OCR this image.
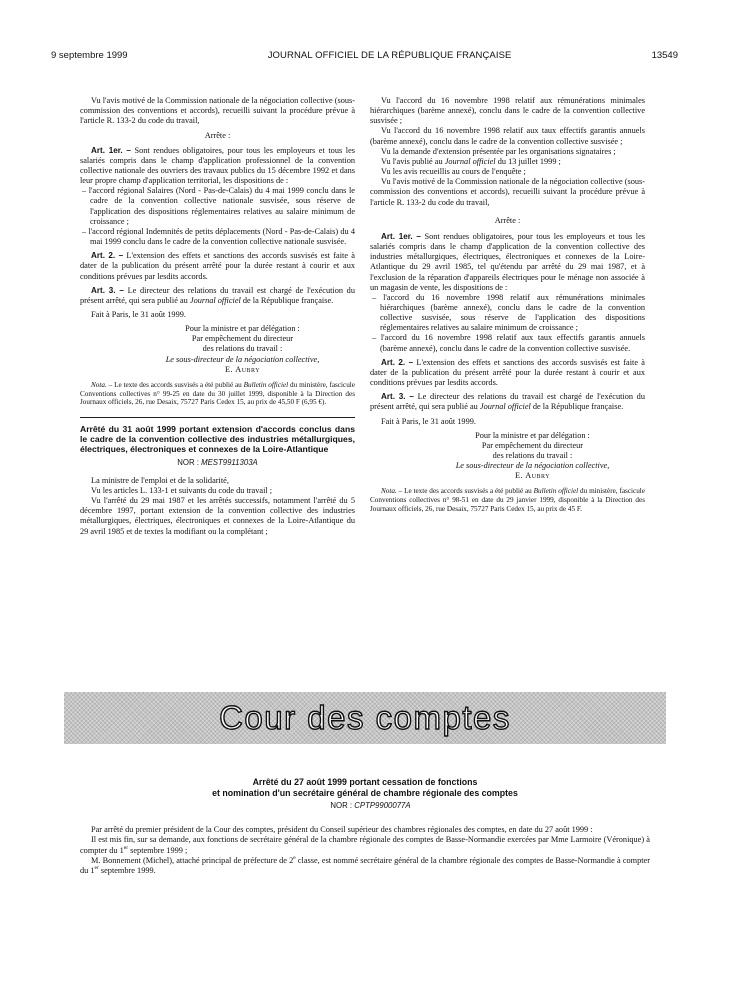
9 septembre 1999	JOURNAL OFFICIEL DE LA RÉPUBLIQUE FRANÇAISE	13549

Vu l'avis motivé de la Commission nationale de la négociation collective (sous-commission des conventions et accords), recueilli suivant la procédure prévue à l'article R. 133-2 du code du travail,

Arrête :

Art. 1er. – Sont rendues obligatoires, pour tous les employeurs et tous les salariés compris dans le champ d'application professionnel de la convention collective nationale des ouvriers des travaux publics du 15 décembre 1992 et dans leur propre champ d'application territorial, les dispositions de :

– l'accord régional Salaires (Nord - Pas-de-Calais) du 4 mai 1999 conclu dans le cadre de la convention collective nationale susvisée, sous réserve de l'application des dispositions réglementaires relatives au salaire minimum de croissance ;

– l'accord régional Indemnités de petits déplacements (Nord - Pas-de-Calais) du 4 mai 1999 conclu dans le cadre de la convention collective nationale susvisée.

Art. 2. – L'extension des effets et sanctions des accords susvisés est faite à dater de la publication du présent arrêté pour la durée restant à courir et aux conditions prévues par lesdits accords.

Art. 3. – Le directeur des relations du travail est chargé de l'exécution du présent arrêté, qui sera publié au Journal officiel de la République française.

Fait à Paris, le 31 août 1999.

Pour la ministre et par délégation :

Par empêchement du directeur

des relations du travail :

Le sous-directeur de la négociation collective,

E. Aubry

Nota. – Le texte des accords susvisés a été publié au Bulletin officiel du ministère, fascicule Conventions collectives n° 99-25 en date du 30 juillet 1999, disponible à la Direction des Journaux officiels, 26, rue Desaix, 75727 Paris Cedex 15, au prix de 45,50 F (6,95 €).

Arrêté du 31 août 1999 portant extension d'accords conclus dans le cadre de la convention collective des industries métallurgiques, électriques, électroniques et connexes de la Loire-Atlantique

NOR : MESТ9911303A

La ministre de l'emploi et de la solidarité,

Vu les articles L. 133-1 et suivants du code du travail ;

Vu l'arrêté du 29 mai 1987 et les arrêtés successifs, notamment l'arrêté du 5 décembre 1997, portant extension de la convention collective des industries métallurgiques, électriques, électroniques et connexes de la Loire-Atlantique du 29 avril 1985 et de textes la modifiant ou la complétant ;

Vu l'accord du 16 novembre 1998 relatif aux rémunérations minimales hiérarchiques (barème annexé), conclu dans le cadre de la convention collective susvisée ;

Vu l'accord du 16 novembre 1998 relatif aux taux effectifs garantis annuels (barème annexé), conclu dans le cadre de la convention collective susvisée ;

Vu la demande d'extension présentée par les organisations signataires ;

Vu l'avis publié au Journal officiel du 13 juillet 1999 ;

Vu les avis recueillis au cours de l'enquête ;

Vu l'avis motivé de la Commission nationale de la négociation collective (sous-commission des conventions et accords), recueilli suivant la procédure prévue à l'article R. 133-2 du code du travail,

Arrête :

Art. 1er. – Sont rendues obligatoires, pour tous les employeurs et tous les salariés compris dans le champ d'application de la convention collective des industries métallurgiques, électriques, électroniques et connexes de la Loire-Atlantique du 29 avril 1985, tel qu'étendu par arrêté du 29 mai 1987, et à l'exclusion de la réparation d'appareils électriques pour le ménage non associée à un magasin de vente, les dispositions de :

– l'accord du 16 novembre 1998 relatif aux rémunérations minimales hiérarchiques (barème annexé), conclu dans le cadre de la convention collective susvisée, sous réserve de l'application des dispositions réglementaires relatives au salaire minimum de croissance ;

– l'accord du 16 novembre 1998 relatif aux taux effectifs garantis annuels (barème annexé), conclu dans le cadre de la convention collective susvisée.

Art. 2. – L'extension des effets et sanctions des accords susvisés est faite à dater de la publication du présent arrêté pour la durée restant à courir et aux conditions prévues par lesdits accords.

Art. 3. – Le directeur des relations du travail est chargé de l'exécution du présent arrêté, qui sera publié au Journal officiel de la République française.

Fait à Paris, le 31 août 1999.

Pour la ministre et par délégation :

Par empêchement du directeur

des relations du travail :

Le sous-directeur de la négociation collective,

E. Aubry

Nota. – Le texte des accords susvisés a été publié au Bulletin officiel du ministère, fascicule Conventions collectives n° 98-51 en date du 29 janvier 1999, disponible à la Direction des Journaux officiels, 26, rue Desaix, 75727 Paris Cedex 15, au prix de 45 F.

Cour des comptes
Arrêté du 27 août 1999 portant cessation de fonctions
et nomination d'un secrétaire général de chambre régionale des comptes

NOR : CPTP9900077A

Par arrêté du premier président de la Cour des comptes, président du Conseil supérieur des chambres régionales des comptes, en date du 27 août 1999 :

Il est mis fin, sur sa demande, aux fonctions de secrétaire général de la chambre régionale des comptes de Basse-Normandie exercées par Mme Larmoire (Véronique) à compter du 1er septembre 1999 ;

M. Bonnement (Michel), attaché principal de préfecture de 2e classe, est nommé secrétaire général de la chambre régionale des comptes de Basse-Normandie à compter du 1er septembre 1999.
